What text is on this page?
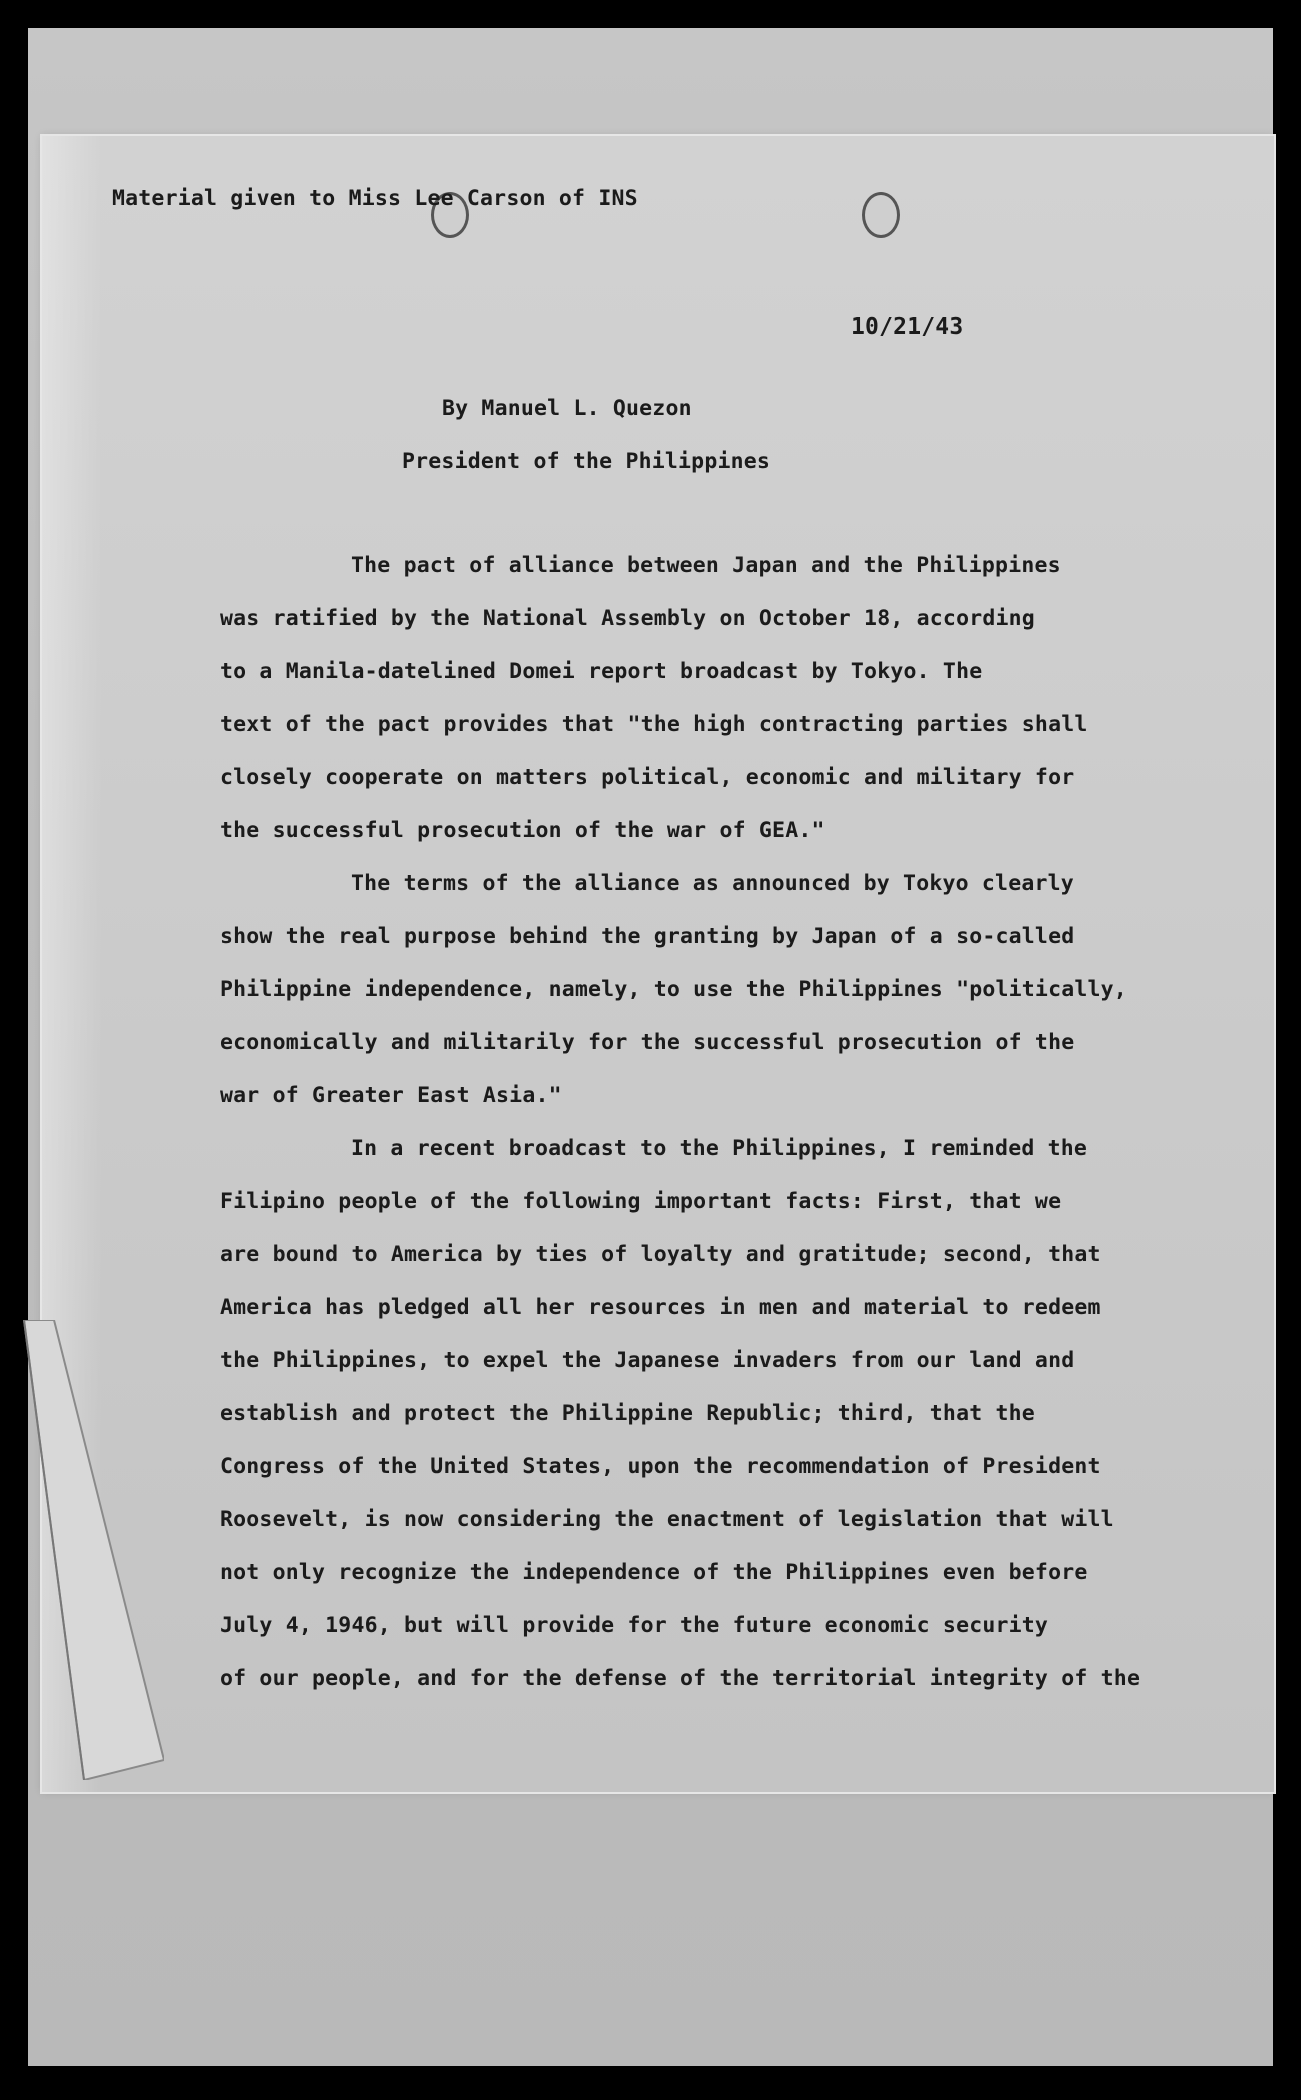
Material given to Miss Lee Carson of INS
10/21/43
By Manuel L. Quezon
President of the Philippines
The pact of alliance between Japan and the Philippines
was ratified by the National Assembly on October 18, according
to a Manila-datelined Domei report broadcast by Tokyo. The
text of the pact provides that "the high contracting parties shall
closely cooperate on matters political, economic and military for
the successful prosecution of the war of GEA."
The terms of the alliance as announced by Tokyo clearly
show the real purpose behind the granting by Japan of a so-called
Philippine independence, namely, to use the Philippines "politically,
economically and militarily for the successful prosecution of the
war of Greater East Asia."
In a recent broadcast to the Philippines, I reminded the
Filipino people of the following important facts: First, that we
are bound to America by ties of loyalty and gratitude; second, that
America has pledged all her resources in men and material to redeem
the Philippines, to expel the Japanese invaders from our land and
establish and protect the Philippine Republic; third, that the
Congress of the United States, upon the recommendation of President
Roosevelt, is now considering the enactment of legislation that will
not only recognize the independence of the Philippines even before
July 4, 1946, but will provide for the future economic security
of our people, and for the defense of the territorial integrity of the
